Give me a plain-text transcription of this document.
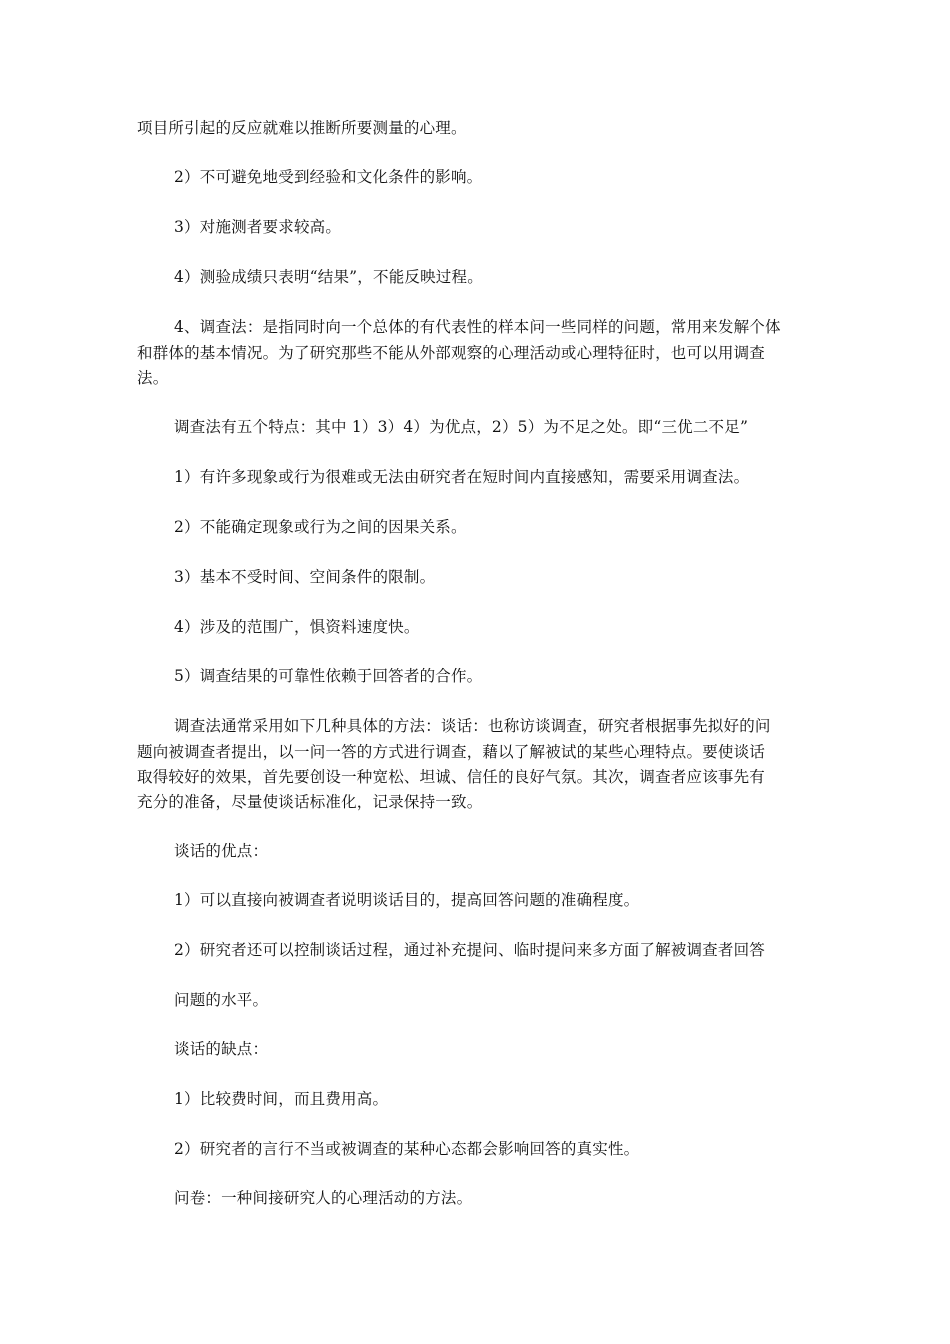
项目所引起的反应就难以推断所要测量的心理。
2）不可避免地受到经验和文化条件的影响。
3）对施测者要求较高。
4）测验成绩只表明“结果”，不能反映过程。
4、调查法：是指同时向一个总体的有代表性的样本问一些同样的问题，常用来发解个体
和群体的基本情况。为了研究那些不能从外部观察的心理活动或心理特征时，也可以用调查
法。
调查法有五个特点：其中 1）3）4）为优点，2）5）为不足之处。即“三优二不足”
1）有许多现象或行为很难或无法由研究者在短时间内直接感知，需要采用调查法。
2）不能确定现象或行为之间的因果关系。
3）基本不受时间、空间条件的限制。
4）涉及的范围广，惧资料速度快。
5）调查结果的可靠性依赖于回答者的合作。
调查法通常采用如下几种具体的方法：谈话：也称访谈调查，研究者根据事先拟好的问
题向被调查者提出，以一问一答的方式进行调查，藉以了解被试的某些心理特点。要使谈话
取得较好的效果，首先要创设一种宽松、坦诚、信任的良好气氛。其次，调查者应该事先有
充分的准备，尽量使谈话标准化，记录保持一致。
谈话的优点：
1）可以直接向被调查者说明谈话目的，提高回答问题的准确程度。
2）研究者还可以控制谈话过程，通过补充提问、临时提问来多方面了解被调查者回答
问题的水平。
谈话的缺点：
1）比较费时间，而且费用高。
2）研究者的言行不当或被调查的某种心态都会影响回答的真实性。
问卷：一种间接研究人的心理活动的方法。
